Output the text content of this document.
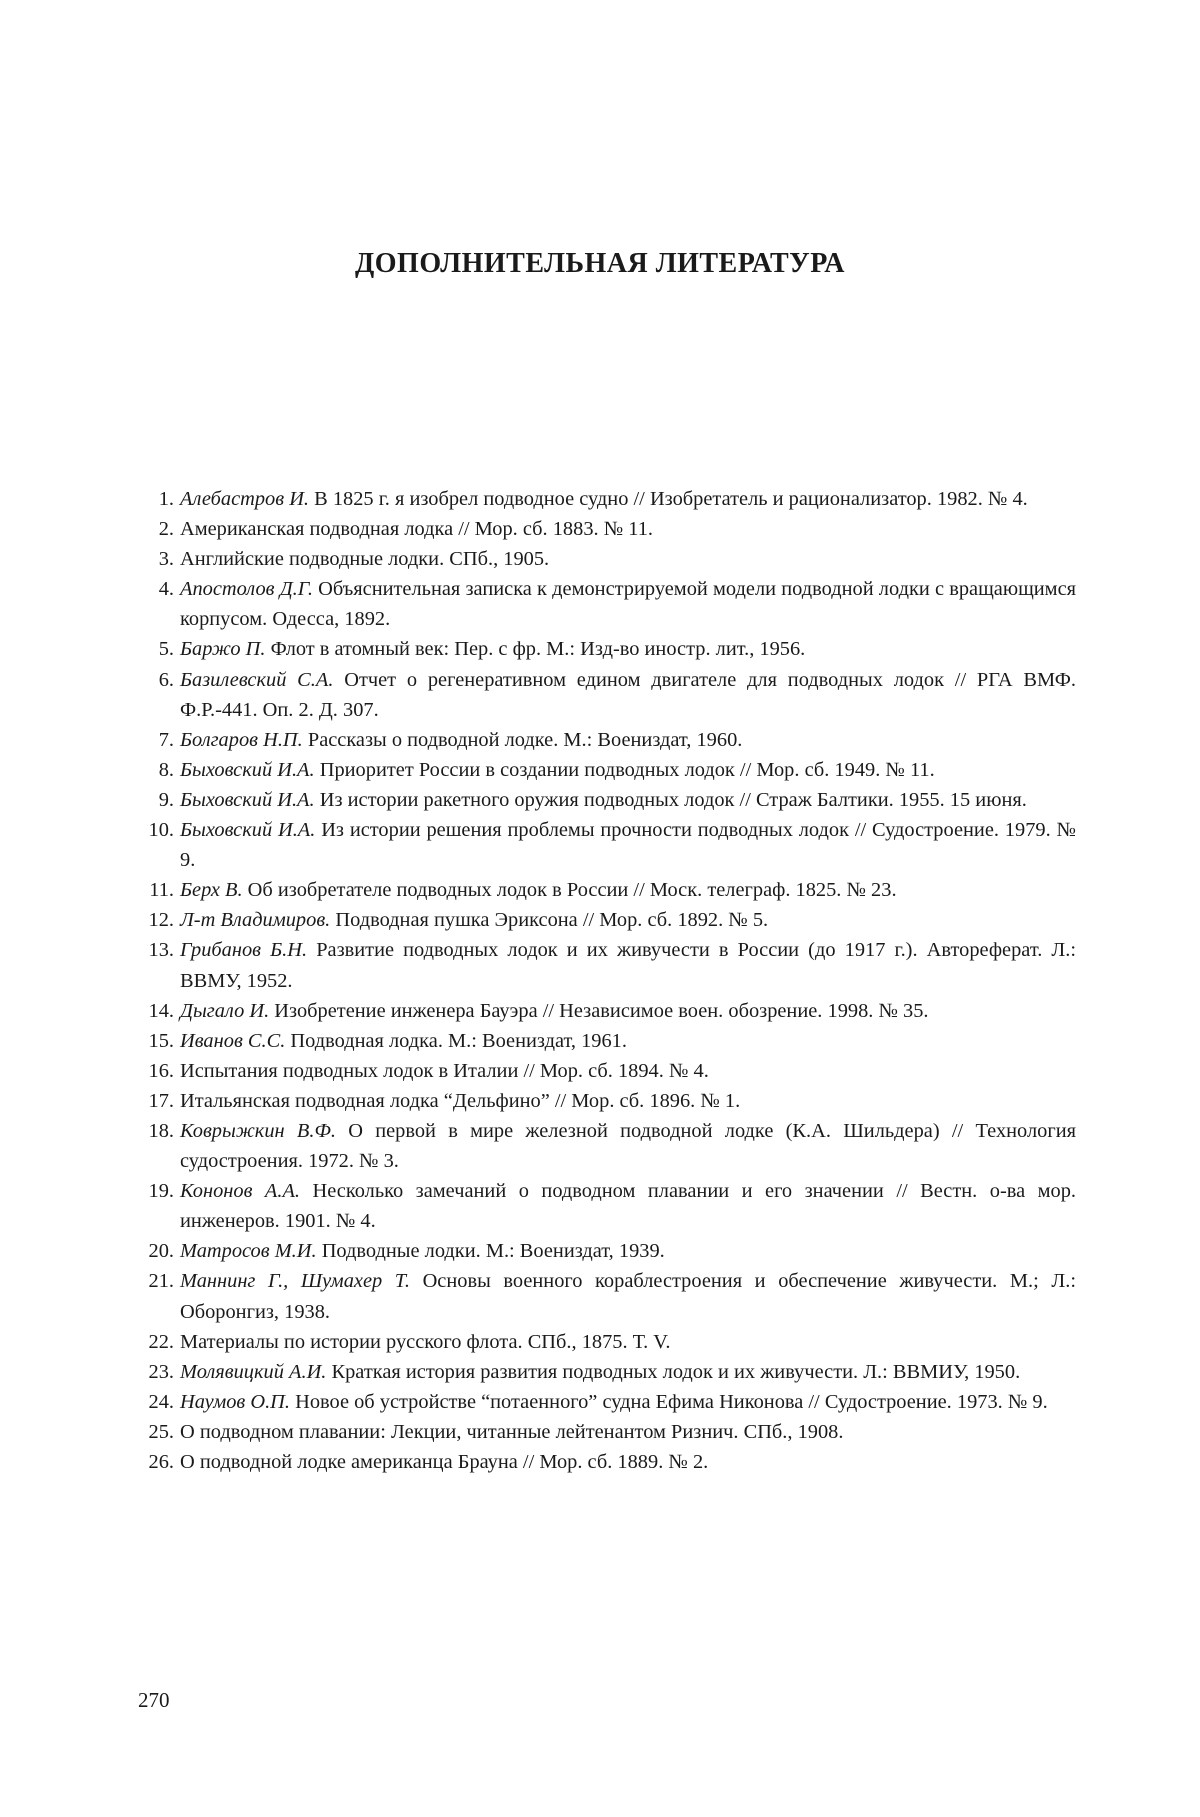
ДОПОЛНИТЕЛЬНАЯ ЛИТЕРАТУРА
1. Алебастров И. В 1825 г. я изобрел подводное судно // Изобретатель и рационализатор. 1982. № 4.
2. Американская подводная лодка // Мор. сб. 1883. № 11.
3. Английские подводные лодки. СПб., 1905.
4. Апостолов Д.Г. Объяснительная записка к демонстрируемой модели подводной лодки с вращающимся корпусом. Одесса, 1892.
5. Баржо П. Флот в атомный век: Пер. с фр. М.: Изд-во иностр. лит., 1956.
6. Базилевский С.А. Отчет о регенеративном едином двигателе для подводных лодок // РГА ВМФ. Ф.Р.-441. Оп. 2. Д. 307.
7. Болгаров Н.П. Рассказы о подводной лодке. М.: Воениздат, 1960.
8. Быховский И.А. Приоритет России в создании подводных лодок // Мор. сб. 1949. № 11.
9. Быховский И.А. Из истории ракетного оружия подводных лодок // Страж Балтики. 1955. 15 июня.
10. Быховский И.А. Из истории решения проблемы прочности подводных лодок // Судостроение. 1979. № 9.
11. Берх В. Об изобретателе подводных лодок в России // Моск. телеграф. 1825. № 23.
12. Л-т Владимиров. Подводная пушка Эриксона // Мор. сб. 1892. № 5.
13. Грибанов Б.Н. Развитие подводных лодок и их живучести в России (до 1917 г.). Автореферат. Л.: ВВМУ, 1952.
14. Дыгало И. Изобретение инженера Бауэра // Независимое воен. обозрение. 1998. № 35.
15. Иванов С.С. Подводная лодка. М.: Воениздат, 1961.
16. Испытания подводных лодок в Италии // Мор. сб. 1894. № 4.
17. Итальянская подводная лодка “Дельфино” // Мор. сб. 1896. № 1.
18. Коврыжкин В.Ф. О первой в мире железной подводной лодке (К.А. Шильдера) // Технология судостроения. 1972. № 3.
19. Кононов А.А. Несколько замечаний о подводном плавании и его значении // Вестн. о-ва мор. инженеров. 1901. № 4.
20. Матросов М.И. Подводные лодки. М.: Воениздат, 1939.
21. Маннинг Г., Шумахер Т. Основы военного кораблестроения и обеспечение живучести. М.; Л.: Оборонгиз, 1938.
22. Материалы по истории русского флота. СПб., 1875. Т. V.
23. Молявицкий А.И. Краткая история развития подводных лодок и их живучести. Л.: ВВМИУ, 1950.
24. Наумов О.П. Новое об устройстве “потаенного” судна Ефима Никонова // Судостроение. 1973. № 9.
25. О подводном плавании: Лекции, читанные лейтенантом Ризнич. СПб., 1908.
26. О подводной лодке американца Брауна // Мор. сб. 1889. № 2.
270
